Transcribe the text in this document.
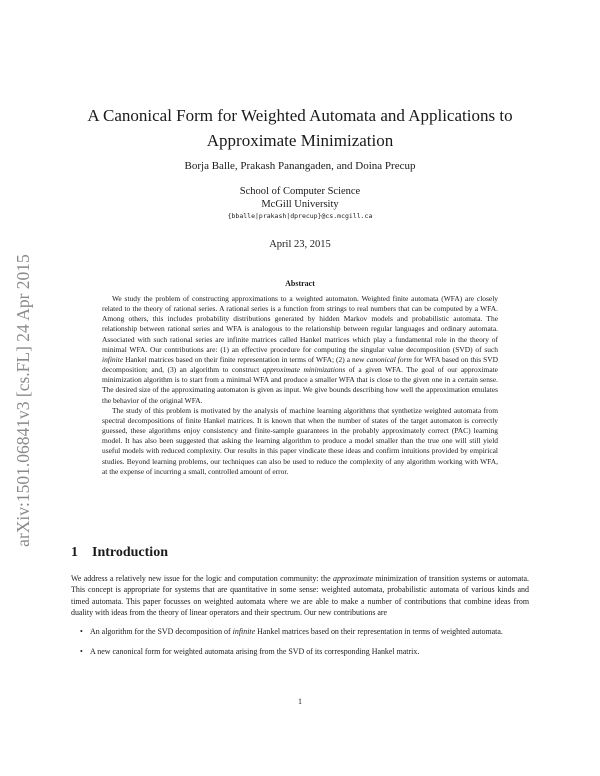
arXiv:1501.06841v3 [cs.FL] 24 Apr 2015
A Canonical Form for Weighted Automata and Applications to
Approximate Minimization
Borja Balle, Prakash Panangaden, and Doina Precup
School of Computer Science
McGill University
{bballe|prakash|dprecup}@cs.mcgill.ca
April 23, 2015
Abstract

We study the problem of constructing approximations to a weighted automaton. Weighted finite automata (WFA) are closely related to the theory of rational series. A rational series is a function from strings to real numbers that can be computed by a WFA. Among others, this includes probability distributions generated by hidden Markov models and probabilistic automata. The relationship between rational series and WFA is analogous to the relationship between regular languages and ordinary automata. Associated with such rational series are infinite matrices called Hankel matrices which play a fundamental role in the theory of minimal WFA. Our contributions are: (1) an effective procedure for computing the singular value decomposition (SVD) of such infinite Hankel matrices based on their finite representation in terms of WFA; (2) a new canonical form for WFA based on this SVD decomposition; and, (3) an algorithm to construct approximate minimizations of a given WFA. The goal of our approximate minimization algorithm is to start from a minimal WFA and produce a smaller WFA that is close to the given one in a certain sense. The desired size of the approximating automaton is given as input. We give bounds describing how well the approximation emulates the behavior of the original WFA.

The study of this problem is motivated by the analysis of machine learning algorithms that synthetize weighted automata from spectral decompositions of finite Hankel matrices. It is known that when the number of states of the target automaton is correctly guessed, these algorithms enjoy consistency and finite-sample guarantees in the probably approximately correct (PAC) learning model. It has also been suggested that asking the learning algorithm to produce a model smaller than the true one will still yield useful models with reduced complexity. Our results in this paper vindicate these ideas and confirm intuitions provided by empirical studies. Beyond learning problems, our techniques can also be used to reduce the complexity of any algorithm working with WFA, at the expense of incurring a small, controlled amount of error.

1 Introduction

We address a relatively new issue for the logic and computation community: the approximate minimization of transition systems or automata. This concept is appropriate for systems that are quantitative in some sense: weighted automata, probabilistic automata of various kinds and timed automata. This paper focusses on weighted automata where we are able to make a number of contributions that combine ideas from duality with ideas from the theory of linear operators and their spectrum. Our new contributions are

• An algorithm for the SVD decomposition of infinite Hankel matrices based on their representation in terms of weighted automata.
• A new canonical form for weighted automata arising from the SVD of its corresponding Hankel matrix.
1
